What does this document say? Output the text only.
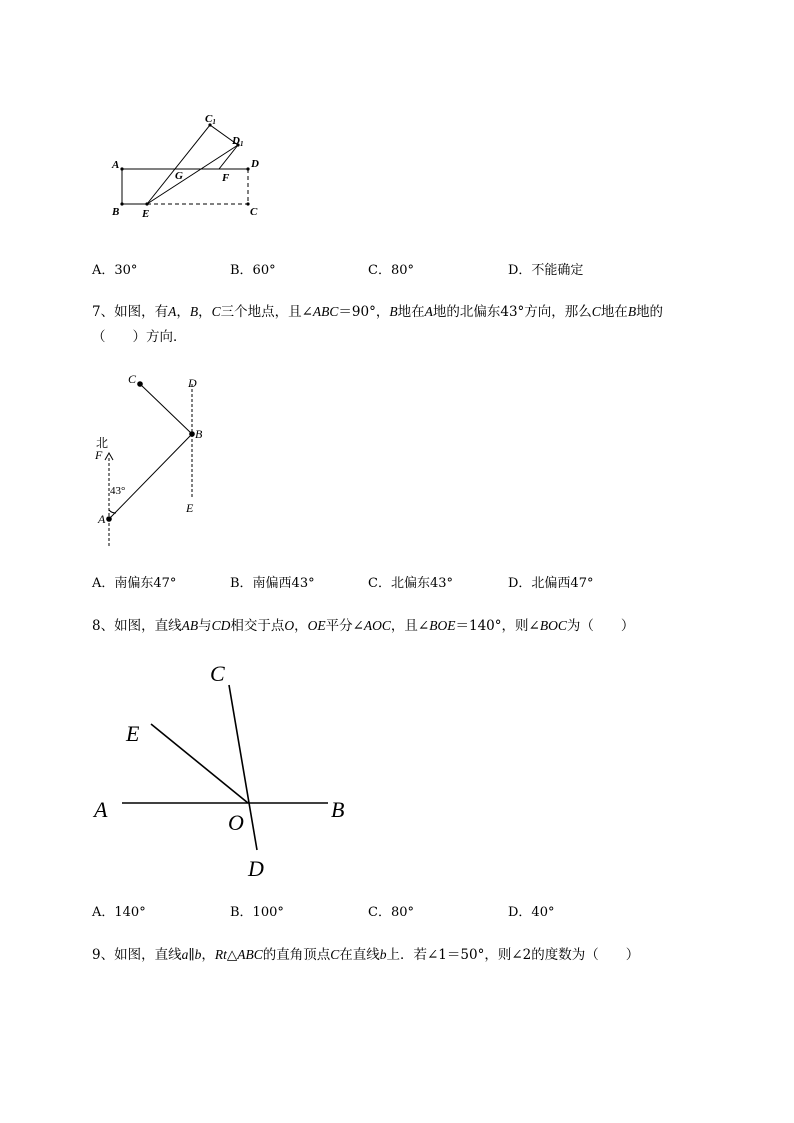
A
B E
G	F
D
C
C1
D1
A．30°	B．60°	C．80°	D．不能确定
7、如图，有A，B，C三个地点，且∠ABC＝90°，B地在A地的北偏东43°方向，那么C地在B地的
（　　）方向．
C	D
B
F
A
E
北
43°
A．南偏东47°	B．南偏西43°	C．北偏东43°	D．北偏西47°
8、如图，直线AB与CD相交于点O，OE平分∠AOC，且∠BOE＝140°，则∠BOC为（　　）
C
E
A
O
B
D
A．140°	B．100°	C．80°	D．40°
9、如图，直线a∥b，Rt△ABC的直角顶点C在直线b上．若∠1＝50°，则∠2的度数为（　　）
